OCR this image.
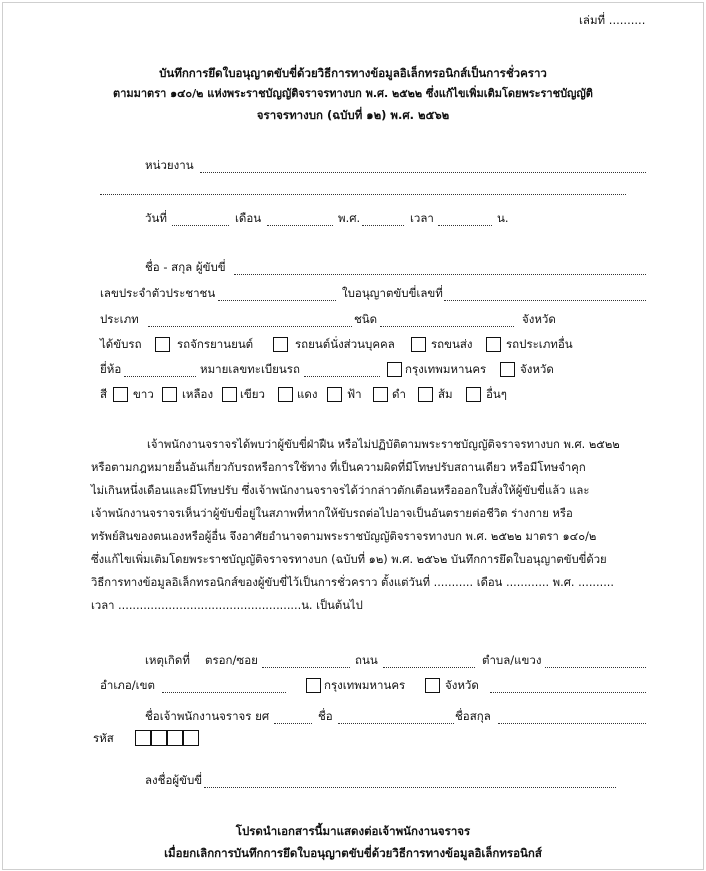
เล่มที่ ..........
บันทึกการยึดใบอนุญาตขับขี่ด้วยวิธีการทางข้อมูลอิเล็กทรอนิกส์เป็นการชั่วคราว
ตามมาตรา ๑๔๐/๒ แห่งพระราชบัญญัติจราจรทางบก พ.ศ. ๒๕๒๒ ซึ่งแก้ไขเพิ่มเติมโดยพระราชบัญญัติ
จราจรทางบก (ฉบับที่ ๑๒) พ.ศ. ๒๕๖๒
หน่วยงาน
วันที่	เดือน	พ.ศ.	เวลา	น.
ชื่อ - สกุล ผู้ขับขี่
เลขประจำตัวประชาชน	ใบอนุญาตขับขี่เลขที่
ประเภท	ชนิด	จังหวัด
ได้ขับรถ	รถจักรยานยนต์	รถยนต์นั่งส่วนบุคคล	รถขนส่ง	รถประเภทอื่น
ยี่ห้อ	หมายเลขทะเบียนรถ	กรุงเทพมหานคร	จังหวัด
สี ขาว เหลือง เขียว	แดง	ฟ้า	ดำ	ส้ม	อื่นๆ

เจ้าพนักงานจราจรได้พบว่าผู้ขับขี่ฝ่าฝืน หรือไม่ปฏิบัติตามพระราชบัญญัติจราจรทางบก พ.ศ. ๒๕๒๒

หรือตามกฎหมายอื่นอันเกี่ยวกับรถหรือการใช้ทาง ที่เป็นความผิดที่มีโทษปรับสถานเดียว หรือมีโทษจำคุก

ไม่เกินหนึ่งเดือนและมีโทษปรับ ซึ่งเจ้าพนักงานจราจรได้ว่ากล่าวตักเตือนหรือออกใบสั่งให้ผู้ขับขี่แล้ว และ

เจ้าพนักงานจราจรเห็นว่าผู้ขับขี่อยู่ในสภาพที่หากให้ขับรถต่อไปอาจเป็นอันตรายต่อชีวิต ร่างกาย หรือ

ทรัพย์สินของตนเองหรือผู้อื่น จึงอาศัยอำนาจตามพระราชบัญญัติจราจรทางบก พ.ศ. ๒๕๒๒ มาตรา ๑๔๐/๒

ซึ่งแก้ไขเพิ่มเติมโดยพระราชบัญญัติจราจรทางบก (ฉบับที่ ๑๒) พ.ศ. ๒๕๖๒ บันทึกการยึดใบอนุญาตขับขี่ด้วย

วิธีการทางข้อมูลอิเล็กทรอนิกส์ของผู้ขับขี่ไว้เป็นการชั่วคราว ตั้งแต่วันที่ ........... เดือน ............ พ.ศ. ..........

เวลา ...................................................น. เป็นต้นไป

เหตุเกิดที่ ตรอก/ซอย	ถนน	ตำบล/แขวง
อำเภอ/เขต	กรุงเทพมหานคร	จังหวัด
ชื่อเจ้าพนักงานจราจร ยศ	ชื่อ	ชื่อสกุล
รหัส
ลงชื่อผู้ขับขี่
โปรดนำเอกสารนี้มาแสดงต่อเจ้าพนักงานจราจร
เมื่อยกเลิกการบันทึกการยึดใบอนุญาตขับขี่ด้วยวิธีการทางข้อมูลอิเล็กทรอนิกส์
